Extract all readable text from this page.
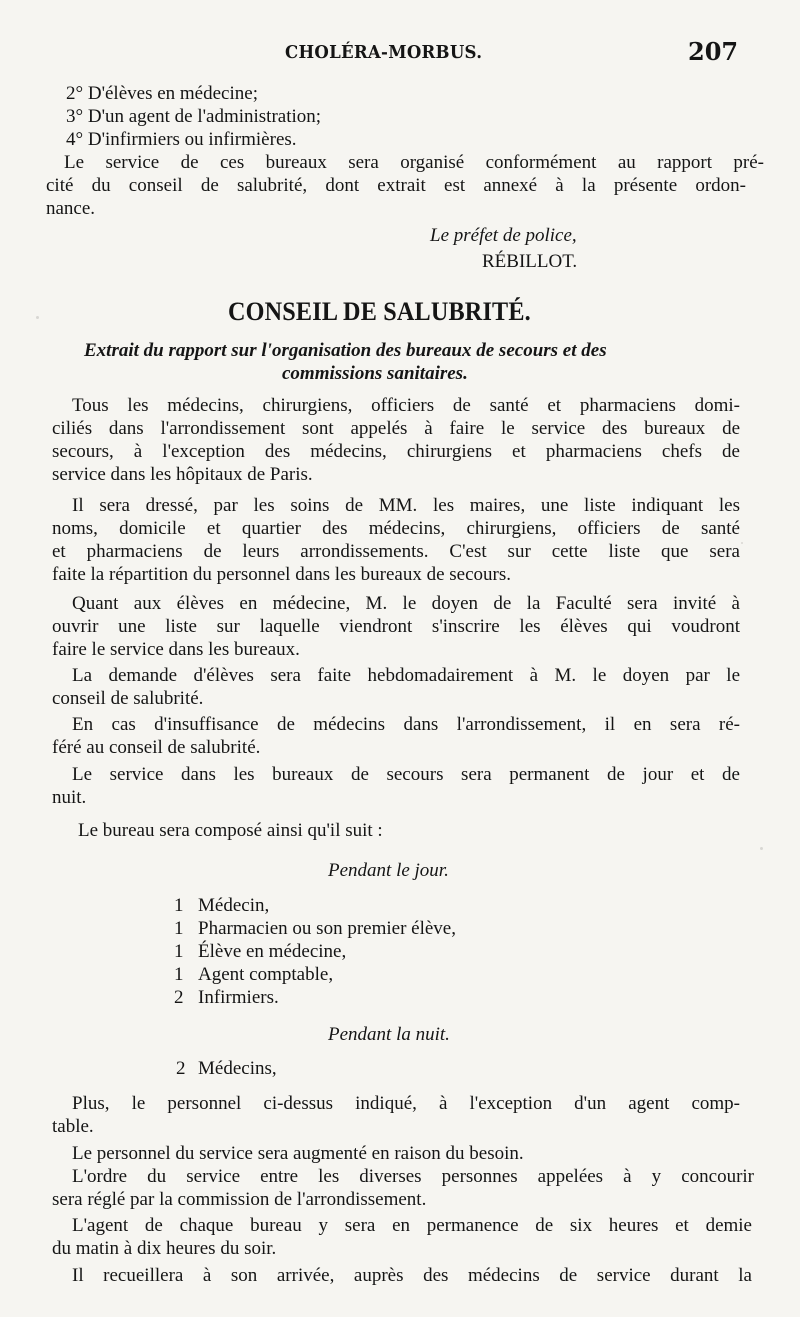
CHOLÉRA-MORBUS.	207
2° D'élèves en médecine;
3° D'un agent de l'administration;
4° D'infirmiers ou infirmières.
Le service de ces bureaux sera organisé conformément au rapport pré-
cité du conseil de salubrité, dont extrait est annexé à la présente ordon-
nance.
Le préfet de police,
RÉBILLOT.
CONSEIL DE SALUBRITÉ.
Extrait du rapport sur l'organisation des bureaux de secours et des
commissions sanitaires.
Tous les médecins, chirurgiens, officiers de santé et pharmaciens domi-
ciliés dans l'arrondissement sont appelés à faire le service des bureaux de
secours, à l'exception des médecins, chirurgiens et pharmaciens chefs de
service dans les hôpitaux de Paris.
Il sera dressé, par les soins de MM. les maires, une liste indiquant les
noms, domicile et quartier des médecins, chirurgiens, officiers de santé
et pharmaciens de leurs arrondissements. C'est sur cette liste que sera
faite la répartition du personnel dans les bureaux de secours.
Quant aux élèves en médecine, M. le doyen de la Faculté sera invité à
ouvrir une liste sur laquelle viendront s'inscrire les élèves qui voudront
faire le service dans les bureaux.
La demande d'élèves sera faite hebdomadairement à M. le doyen par le
conseil de salubrité.
En cas d'insuffisance de médecins dans l'arrondissement, il en sera ré-
féré au conseil de salubrité.
Le service dans les bureaux de secours sera permanent de jour et de
nuit.
Le bureau sera composé ainsi qu'il suit :
Pendant le jour.
1 Médecin,
1 Pharmacien ou son premier élève,
1 Élève en médecine,
1 Agent comptable,
2 Infirmiers.
Pendant la nuit.
2 Médecins,
Plus, le personnel ci-dessus indiqué, à l'exception d'un agent comp-
table.
Le personnel du service sera augmenté en raison du besoin.
L'ordre du service entre les diverses personnes appelées à y concourir
sera réglé par la commission de l'arrondissement.
L'agent de chaque bureau y sera en permanence de six heures et demie
du matin à dix heures du soir.
Il recueillera à son arrivée, auprès des médecins de service durant la
